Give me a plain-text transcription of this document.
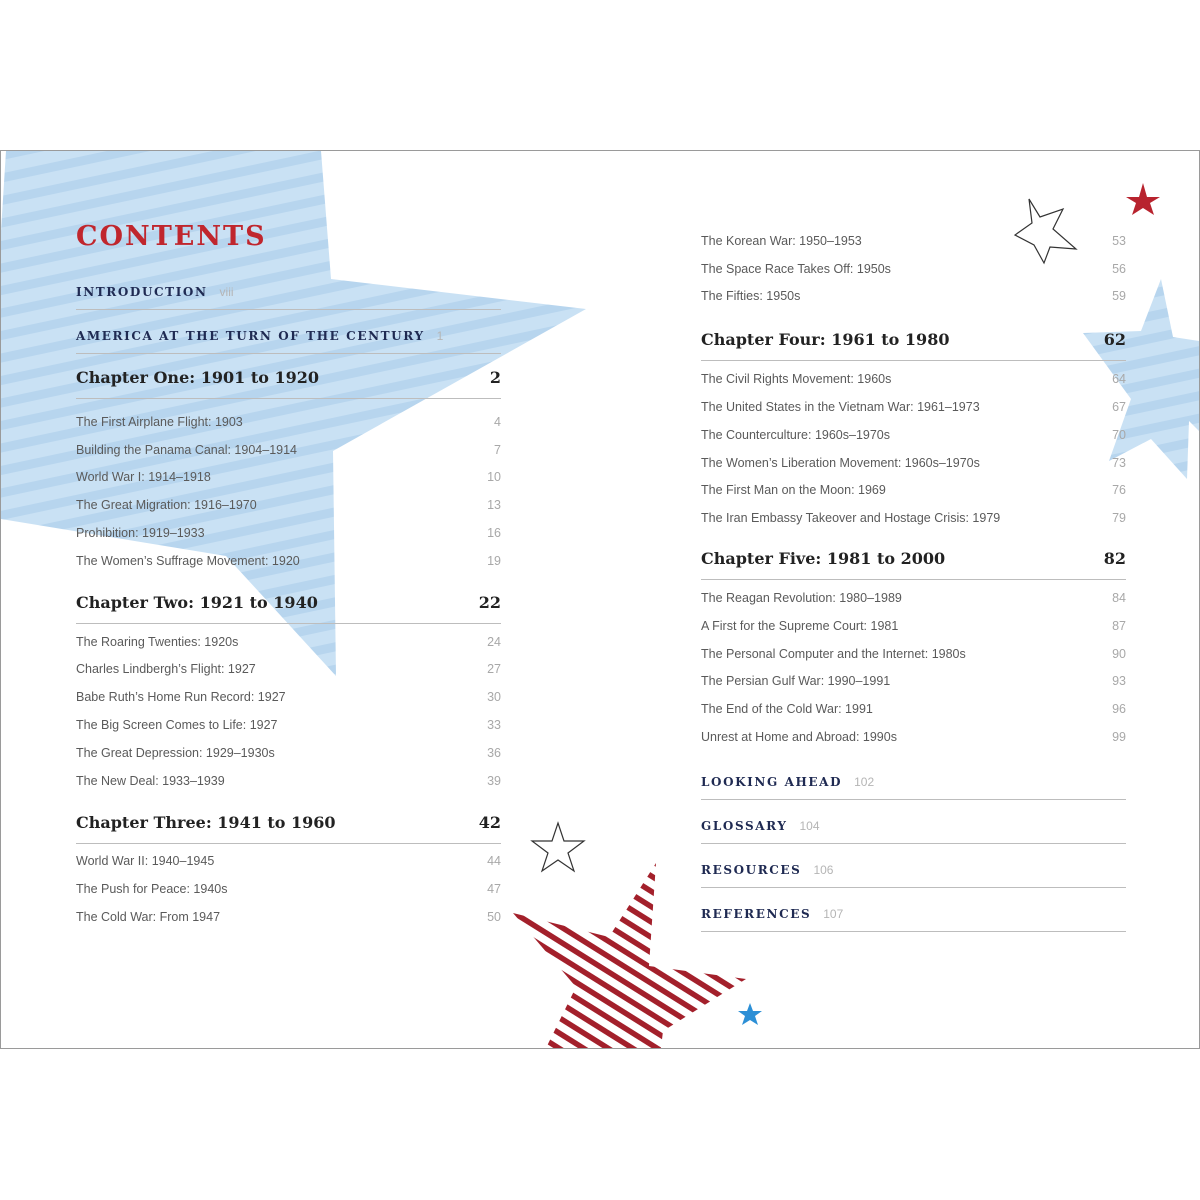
CONTENTS
INTRODUCTION viii
AMERICA AT THE TURN OF THE CENTURY 1
Chapter One: 1901 to 1920	2
The First Airplane Flight: 1903	4
Building the Panama Canal: 1904–1914	7
World War I: 1914–1918	10
The Great Migration: 1916–1970	13
Prohibition: 1919–1933	16
The Women’s Suffrage Movement: 1920	19
Chapter Two: 1921 to 1940	22
The Roaring Twenties: 1920s	24
Charles Lindbergh’s Flight: 1927	27
Babe Ruth’s Home Run Record: 1927	30
The Big Screen Comes to Life: 1927	33
The Great Depression: 1929–1930s	36
The New Deal: 1933–1939	39
Chapter Three: 1941 to 1960	42
World War II: 1940–1945	44
The Push for Peace: 1940s	47
The Cold War: From 1947	50
The Korean War: 1950–1953	53
The Space Race Takes Off: 1950s	56
The Fifties: 1950s	59
Chapter Four: 1961 to 1980	62
The Civil Rights Movement: 1960s	64
The United States in the Vietnam War: 1961–1973	67
The Counterculture: 1960s–1970s	70
The Women’s Liberation Movement: 1960s–1970s	73
The First Man on the Moon: 1969	76
The Iran Embassy Takeover and Hostage Crisis: 1979	79
Chapter Five: 1981 to 2000	82
The Reagan Revolution: 1980–1989	84
A First for the Supreme Court: 1981	87
The Personal Computer and the Internet: 1980s	90
The Persian Gulf War: 1990–1991	93
The End of the Cold War: 1991	96
Unrest at Home and Abroad: 1990s	99
LOOKING AHEAD 102
GLOSSARY 104
RESOURCES 106
REFERENCES 107
